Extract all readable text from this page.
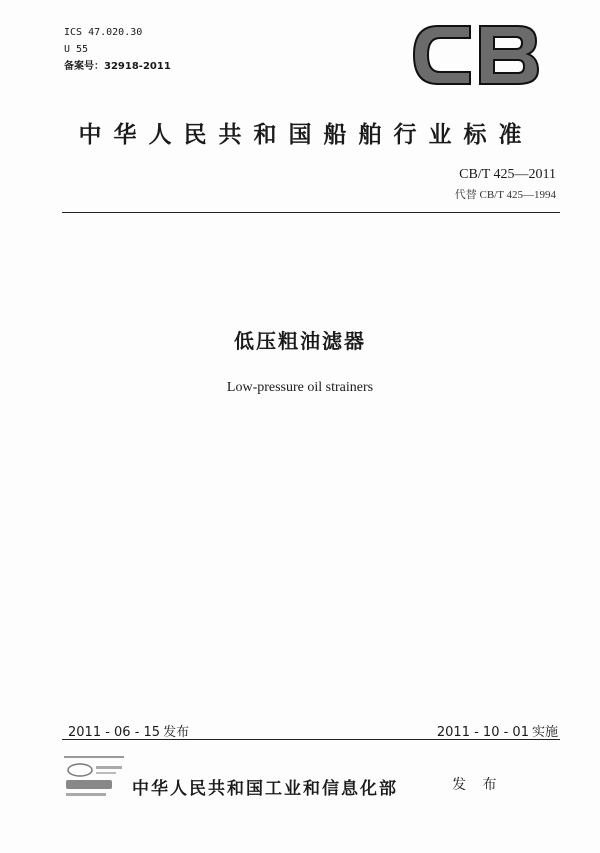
ICS 47.020.30
U 55
备案号：32918-2011
中华人民共和国船舶行业标准
CB/T 425—2011
代替 CB/T 425—1994
低压粗油滤器
Low-pressure oil strainers
2011 - 06 - 15 发布	2011 - 10 - 01 实施
中华人民共和国工业和信息化部	发 布
